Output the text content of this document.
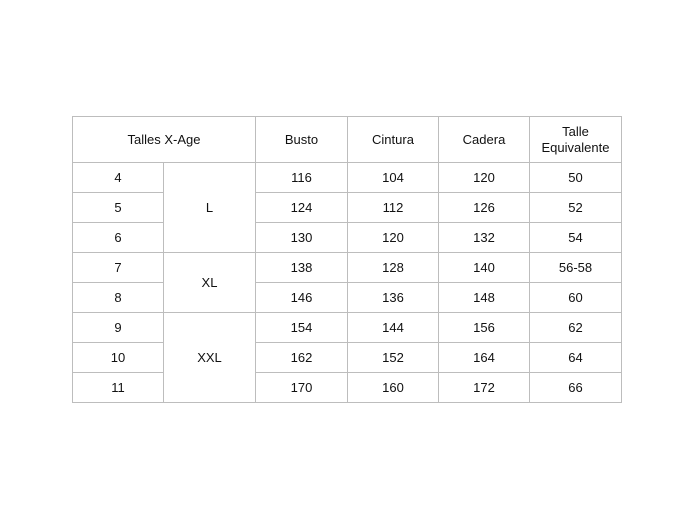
Talles X-Age		Busto	Cintura	Cadera	Talle
Equivalente

4	L	116	104	120	50
5		124	112	126	52
6		130	120	132	54
7	XL	138	128	140	56-58
8		146	136	148	60
9	XXL	154	144	156	62
10		162	152	164	64
11		170	160	172	66
